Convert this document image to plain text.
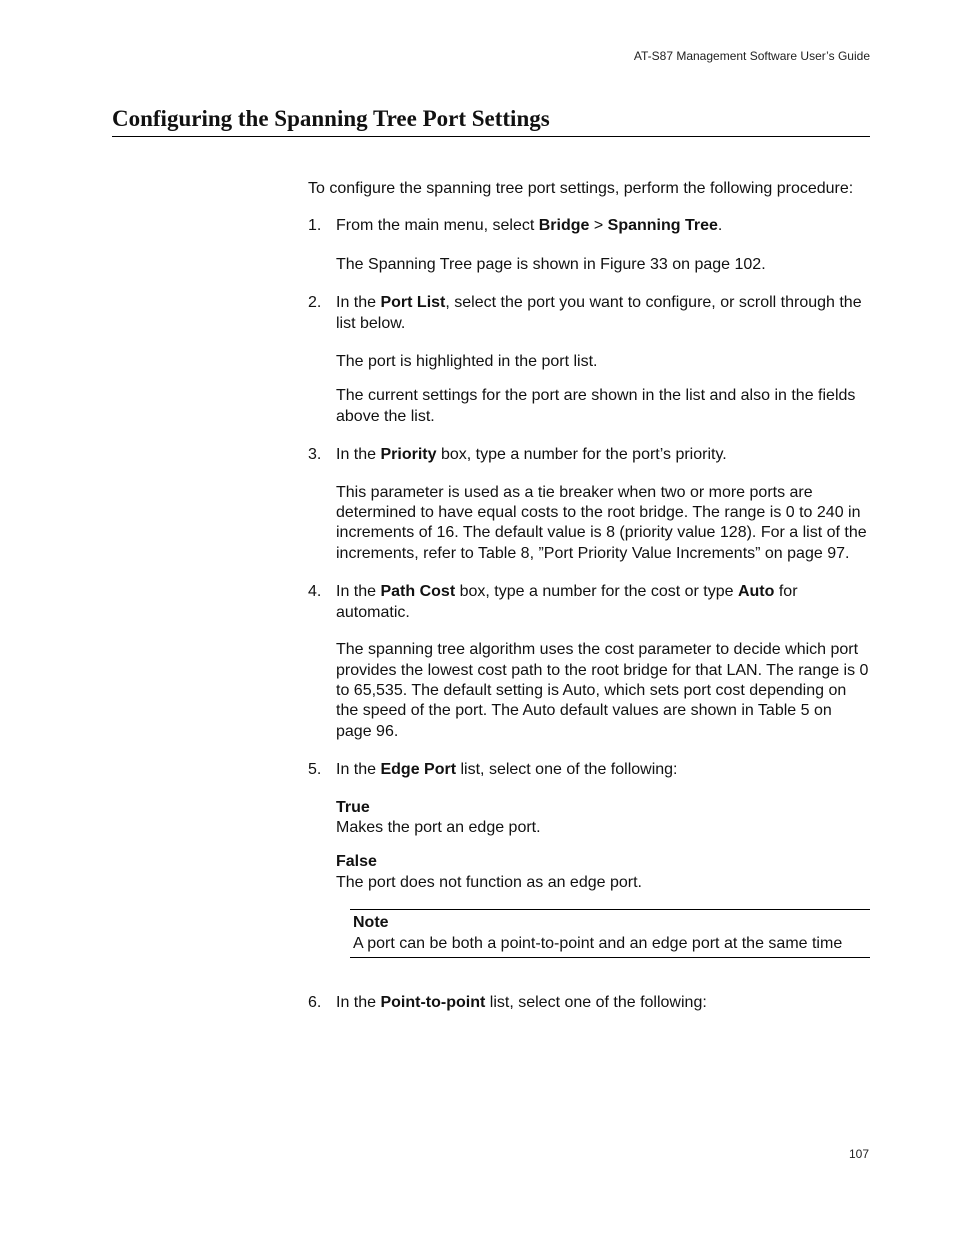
AT-S87 Management Software User’s Guide
Configuring the Spanning Tree Port Settings

To configure the spanning tree port settings, perform the following procedure:

1. From the main menu, select Bridge > Spanning Tree.

The Spanning Tree page is shown in Figure 33 on page 102.

2. In the Port List, select the port you want to configure, or scroll through the list below.

The port is highlighted in the port list.

The current settings for the port are shown in the list and also in the fields above the list.

3. In the Priority box, type a number for the port’s priority.

This parameter is used as a tie breaker when two or more ports are determined to have equal costs to the root bridge. The range is 0 to 240 in increments of 16. The default value is 8 (priority value 128). For a list of the increments, refer to Table 8, ”Port Priority Value Increments” on page 97.

4. In the Path Cost box, type a number for the cost or type Auto for automatic.

The spanning tree algorithm uses the cost parameter to decide which port provides the lowest cost path to the root bridge for that LAN. The range is 0 to 65,535. The default setting is Auto, which sets port cost depending on the speed of the port. The Auto default values are shown in Table 5 on page 96.

5. In the Edge Port list, select one of the following:
True
Makes the port an edge port.
False
The port does not function as an edge port.
Note
A port can be both a point-to-point and an edge port at the same time
6. In the Point-to-point list, select one of the following:
107
